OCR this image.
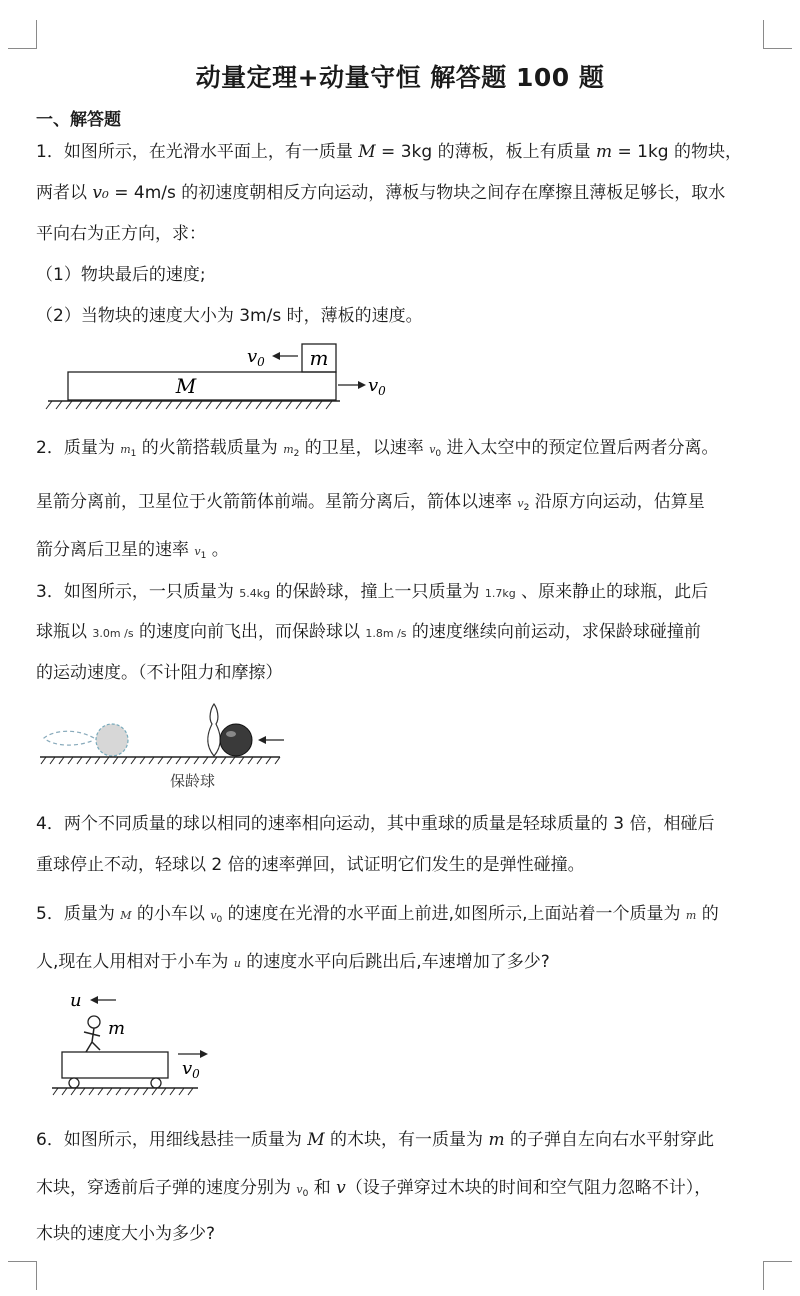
动量定理+动量守恒 解答题 100 题
一、解答题
1．如图所示，在光滑水平面上，有一质量 M = 3kg 的薄板，板上有质量 m = 1kg 的物块，
两者以 v₀ = 4m/s 的初速度朝相反方向运动，薄板与物块之间存在摩擦且薄板足够长，取水
平向右为正方向，求：
（1）物块最后的速度;
（2）当物块的速度大小为 3m/s 时，薄板的速度。
m
$v_0$
M	$v_0$
2．质量为 $m_1$ 的火箭搭载质量为 $m_2$ 的卫星，以速率 $v_0$ 进入太空中的预定位置后两者分离。
星箭分离前，卫星位于火箭箭体前端。星箭分离后，箭体以速率 $v_2$ 沿原方向运动，估算星
箭分离后卫星的速率 $v_1$ 。
3．如图所示，一只质量为 5.4kg 的保龄球，撞上一只质量为 1.7kg 、原来静止的球瓶，此后
球瓶以 3.0m /s 的速度向前飞出，而保龄球以 1.8m /s 的速度继续向前运动，求保龄球碰撞前
的运动速度。（不计阻力和摩擦）
保龄球
4．两个不同质量的球以相同的速率相向运动，其中重球的质量是轻球质量的 3 倍，相碰后
重球停止不动，轻球以 2 倍的速率弹回，试证明它们发生的是弹性碰撞。
5．质量为 M 的小车以 $v_0$ 的速度在光滑的水平面上前进,如图所示,上面站着一个质量为 m 的
人,现在人用相对于小车为 u 的速度水平向后跳出后,车速增加了多少?
u
m
$v_0$
6．如图所示，用细线悬挂一质量为 M 的木块，有一质量为 m 的子弹自左向右水平射穿此
木块，穿透前后子弹的速度分别为 $v_0$ 和 v（设子弹穿过木块的时间和空气阻力忽略不计），
木块的速度大小为多少?
